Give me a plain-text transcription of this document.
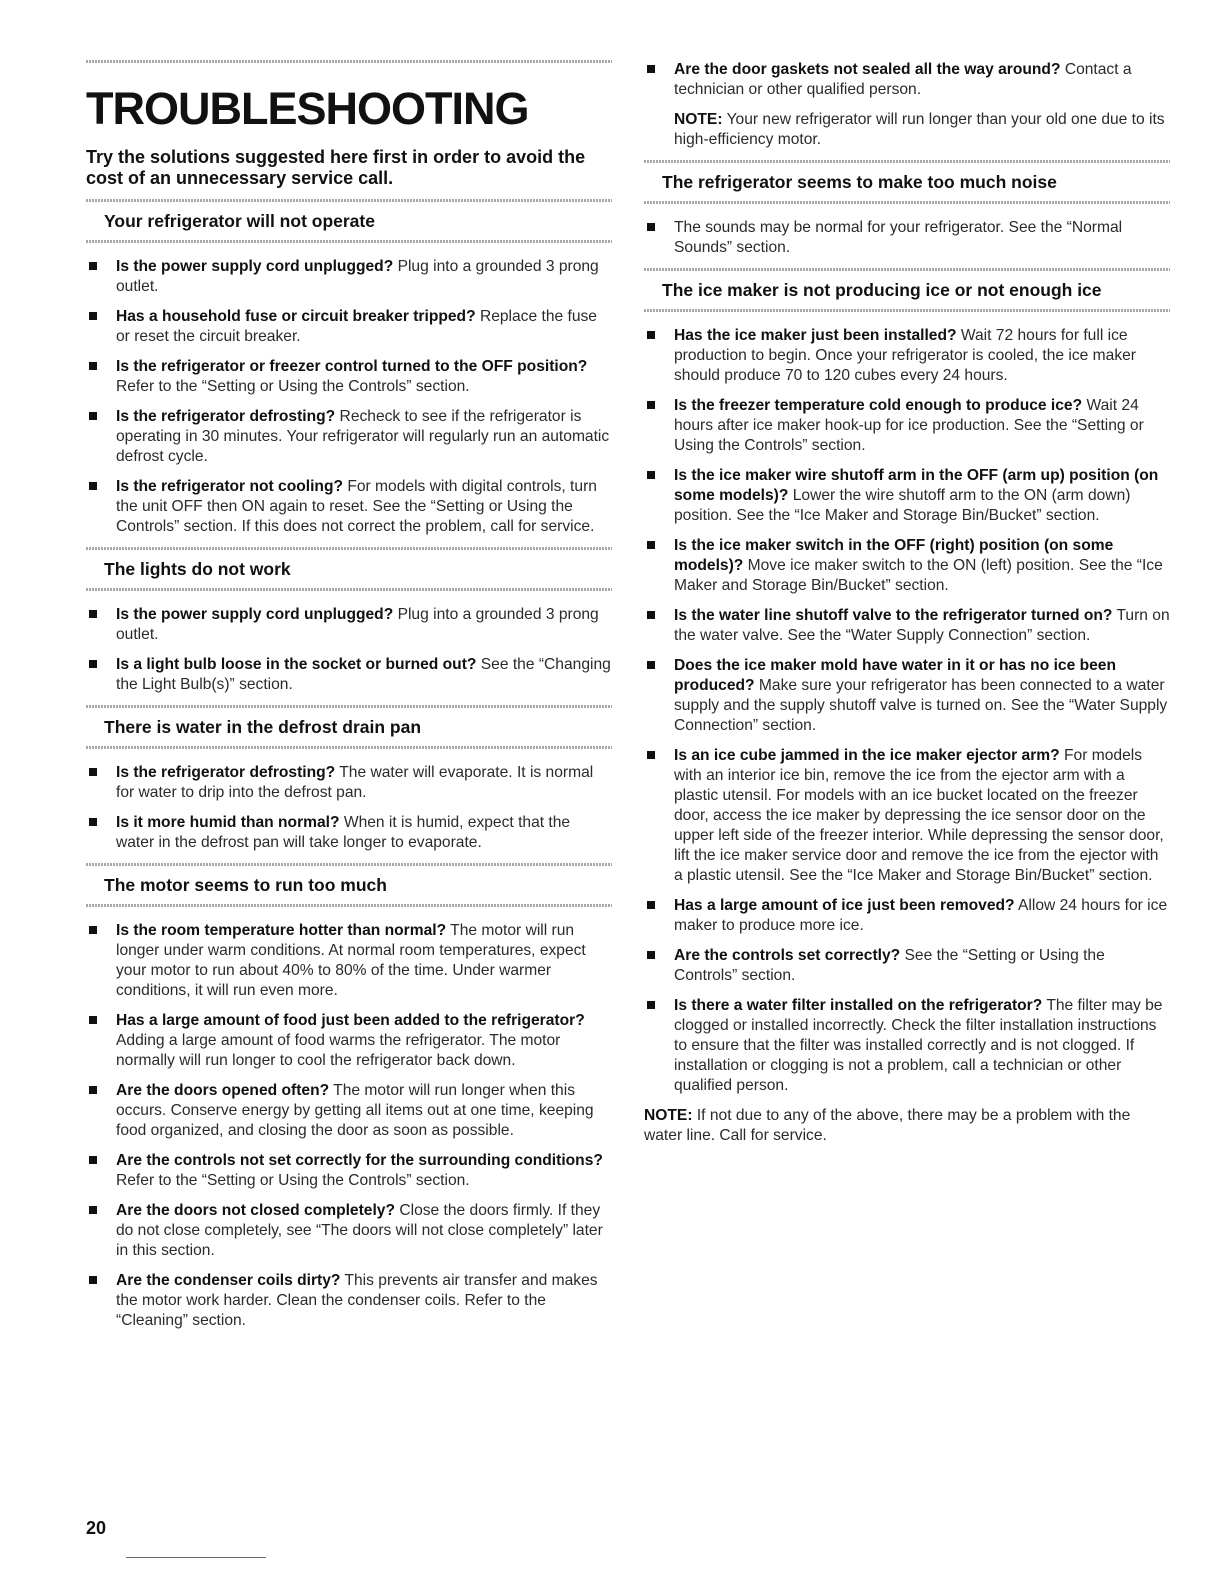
TROUBLESHOOTING

Try the solutions suggested here first in order to avoid the cost of an unnecessary service call.

Your refrigerator will not operate
Is the power supply cord unplugged? Plug into a grounded 3 prong outlet.
Has a household fuse or circuit breaker tripped? Replace the fuse or reset the circuit breaker.
Is the refrigerator or freezer control turned to the OFF position? Refer to the “Setting or Using the Controls” section.
Is the refrigerator defrosting? Recheck to see if the refrigerator is operating in 30 minutes. Your refrigerator will regularly run an automatic defrost cycle.
Is the refrigerator not cooling? For models with digital controls, turn the unit OFF then ON again to reset. See the “Setting or Using the Controls” section. If this does not correct the problem, call for service.
The lights do not work
Is the power supply cord unplugged? Plug into a grounded 3 prong outlet.
Is a light bulb loose in the socket or burned out? See the “Changing the Light Bulb(s)” section.
There is water in the defrost drain pan
Is the refrigerator defrosting? The water will evaporate. It is normal for water to drip into the defrost pan.
Is it more humid than normal? When it is humid, expect that the water in the defrost pan will take longer to evaporate.
The motor seems to run too much
Is the room temperature hotter than normal? The motor will run longer under warm conditions. At normal room temperatures, expect your motor to run about 40% to 80% of the time. Under warmer conditions, it will run even more.
Has a large amount of food just been added to the refrigerator? Adding a large amount of food warms the refrigerator. The motor normally will run longer to cool the refrigerator back down.
Are the doors opened often? The motor will run longer when this occurs. Conserve energy by getting all items out at one time, keeping food organized, and closing the door as soon as possible.
Are the controls not set correctly for the surrounding conditions? Refer to the “Setting or Using the Controls” section.
Are the doors not closed completely? Close the doors firmly. If they do not close completely, see “The doors will not close completely” later in this section.
Are the condenser coils dirty? This prevents air transfer and makes the motor work harder. Clean the condenser coils. Refer to the “Cleaning” section.
Are the door gaskets not sealed all the way around? Contact a technician or other qualified person.

NOTE: Your new refrigerator will run longer than your old one due to its high-efficiency motor.

The refrigerator seems to make too much noise
The sounds may be normal for your refrigerator. See the “Normal Sounds” section.
The ice maker is not producing ice or not enough ice
Has the ice maker just been installed? Wait 72 hours for full ice production to begin. Once your refrigerator is cooled, the ice maker should produce 70 to 120 cubes every 24 hours.
Is the freezer temperature cold enough to produce ice? Wait 24 hours after ice maker hook-up for ice production. See the “Setting or Using the Controls” section.
Is the ice maker wire shutoff arm in the OFF (arm up) position (on some models)? Lower the wire shutoff arm to the ON (arm down) position. See the “Ice Maker and Storage Bin/Bucket” section.
Is the ice maker switch in the OFF (right) position (on some models)? Move ice maker switch to the ON (left) position. See the “Ice Maker and Storage Bin/Bucket” section.
Is the water line shutoff valve to the refrigerator turned on? Turn on the water valve. See the “Water Supply Connection” section.
Does the ice maker mold have water in it or has no ice been produced? Make sure your refrigerator has been connected to a water supply and the supply shutoff valve is turned on. See the “Water Supply Connection” section.
Is an ice cube jammed in the ice maker ejector arm? For models with an interior ice bin, remove the ice from the ejector arm with a plastic utensil. For models with an ice bucket located on the freezer door, access the ice maker by depressing the ice sensor door on the upper left side of the freezer interior. While depressing the sensor door, lift the ice maker service door and remove the ice from the ejector with a plastic utensil. See the “Ice Maker and Storage Bin/Bucket” section.
Has a large amount of ice just been removed? Allow 24 hours for ice maker to produce more ice.
Are the controls set correctly? See the “Setting or Using the Controls” section.
Is there a water filter installed on the refrigerator? The filter may be clogged or installed incorrectly. Check the filter installation instructions to ensure that the filter was installed correctly and is not clogged. If installation or clogging is not a problem, call a technician or other qualified person.

NOTE: If not due to any of the above, there may be a problem with the water line. Call for service.

20
